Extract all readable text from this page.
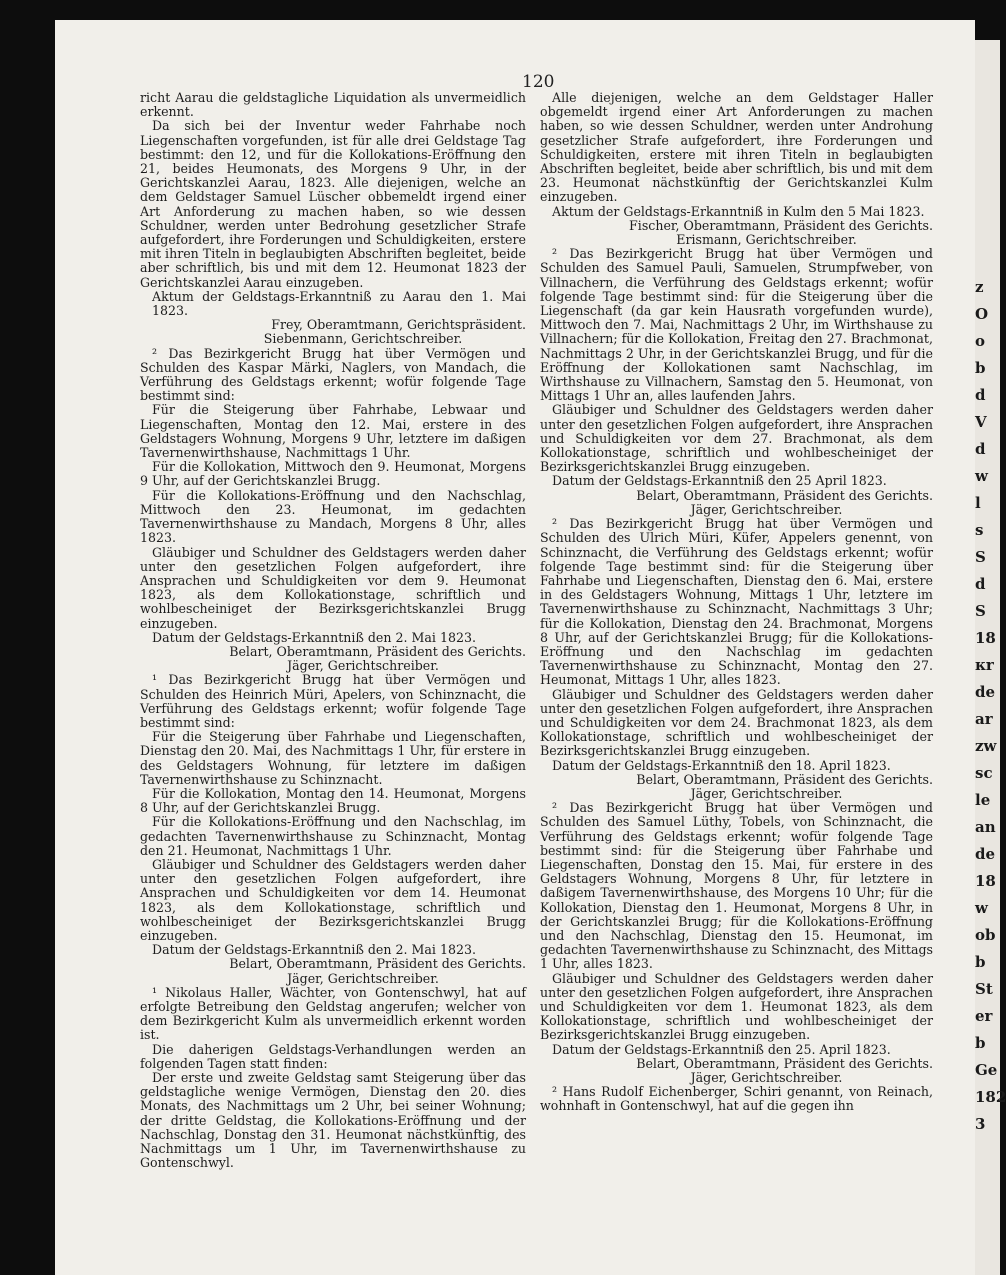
z
O
o
b
d
V
d
w
l
s
S
d
S
18
ᴋr
de
ar
zw
sc
le
an
de
18
w
ob
b
St
er
b
Ge
182
3
120

richt Aarau die geldstagliche Liquidation als unvermeidlich erkennt.

Da sich bei der Inventur weder Fahrhabe noch Liegenschaften vorgefunden, ist für alle drei Geldstage Tag bestimmt: den 12, und für die Kollokations-Eröffnung den 21, beides Heumonats, des Morgens 9 Uhr, in der Gerichtskanzlei Aarau, 1823. Alle diejenigen, welche an dem Geldstager Samuel Lüscher obbemeldt irgend einer Art Anforderung zu machen haben, so wie dessen Schuldner, werden unter Bedrohung gesetzlicher Strafe aufgefordert, ihre Forderungen und Schuldigkeiten, erstere mit ihren Titeln in beglaubigten Abschriften begleitet, beide aber schriftlich, bis und mit dem 12. Heumonat 1823 der Gerichtskanzlei Aarau einzugeben.

Aktum der Geldstags-Erkanntniß zu Aarau den 1. Mai 1823.

Frey, Oberamtmann, Gerichtspräsident.

Siebenmann, Gerichtschreiber.

² Das Bezirkgericht Brugg hat über Vermögen und Schulden des Kaspar Märki, Naglers, von Mandach, die Verführung des Geldstags erkennt; wofür folgende Tage bestimmt sind:

Für die Steigerung über Fahrhabe, Lebwaar und Liegenschaften, Montag den 12. Mai, erstere in des Geldstagers Wohnung, Morgens 9 Uhr, letztere im daßigen Tavernenwirthshause, Nachmittags 1 Uhr.

Für die Kollokation, Mittwoch den 9. Heumonat, Morgens 9 Uhr, auf der Gerichtskanzlei Brugg.

Für die Kollokations-Eröffnung und den Nachschlag, Mittwoch den 23. Heumonat, im gedachten Tavernenwirthshause zu Mandach, Morgens 8 Uhr, alles 1823.

Gläubiger und Schuldner des Geldstagers werden daher unter den gesetzlichen Folgen aufgefordert, ihre Ansprachen und Schuldigkeiten vor dem 9. Heumonat 1823, als dem Kollokationstage, schriftlich und wohlbescheiniget der Bezirksgerichtskanzlei Brugg einzugeben.

Datum der Geldstags-Erkanntniß den 2. Mai 1823.

Belart, Oberamtmann, Präsident des Gerichts.

Jäger, Gerichtschreiber.

¹ Das Bezirkgericht Brugg hat über Vermögen und Schulden des Heinrich Müri, Apelers, von Schinznacht, die Verführung des Geldstags erkennt; wofür folgende Tage bestimmt sind:

Für die Steigerung über Fahrhabe und Liegenschaften, Dienstag den 20. Mai, des Nachmittags 1 Uhr, für erstere in des Geldstagers Wohnung, für letztere im daßigen Tavernenwirthshause zu Schinznacht.

Für die Kollokation, Montag den 14. Heumonat, Morgens 8 Uhr, auf der Gerichtskanzlei Brugg.

Für die Kollokations-Eröffnung und den Nachschlag, im gedachten Tavernenwirthshause zu Schinznacht, Montag den 21. Heumonat, Nachmittags 1 Uhr.

Gläubiger und Schuldner des Geldstagers werden daher unter den gesetzlichen Folgen aufgefordert, ihre Ansprachen und Schuldigkeiten vor dem 14. Heumonat 1823, als dem Kollokationstage, schriftlich und wohlbescheiniget der Bezirksgerichtskanzlei Brugg einzugeben.

Datum der Geldstags-Erkanntniß den 2. Mai 1823.

Belart, Oberamtmann, Präsident des Gerichts.

Jäger, Gerichtschreiber.

¹ Nikolaus Haller, Wächter, von Gontenschwyl, hat auf erfolgte Betreibung den Geldstag angerufen; welcher von dem Bezirkgericht Kulm als unvermeidlich erkennt worden ist.

Die daherigen Geldstags-Verhandlungen werden an folgenden Tagen statt finden:

Der erste und zweite Geldstag samt Steigerung über das geldstagliche wenige Vermögen, Dienstag den 20. dies Monats, des Nachmittags um 2 Uhr, bei seiner Wohnung; der dritte Geldstag, die Kollokations-Eröffnung und der Nachschlag, Donstag den 31. Heumonat nächstkünftig, des Nachmittags um 1 Uhr, im Tavernenwirthshause zu Gontenschwyl.

Alle diejenigen, welche an dem Geldstager Haller obgemeldt irgend einer Art Anforderungen zu machen haben, so wie dessen Schuldner, werden unter Androhung gesetzlicher Strafe aufgefordert, ihre Forderungen und Schuldigkeiten, erstere mit ihren Titeln in beglaubigten Abschriften begleitet, beide aber schriftlich, bis und mit dem 23. Heumonat nächstkünftig der Gerichtskanzlei Kulm einzugeben.

Aktum der Geldstags-Erkanntniß in Kulm den 5 Mai 1823.

Fischer, Oberamtmann, Präsident des Gerichts.

Erismann, Gerichtschreiber.

² Das Bezirkgericht Brugg hat über Vermögen und Schulden des Samuel Pauli, Samuelen, Strumpfweber, von Villnachern, die Verführung des Geldstags erkennt; wofür folgende Tage bestimmt sind: für die Steigerung über die Liegenschaft (da gar kein Hausrath vorgefunden wurde), Mittwoch den 7. Mai, Nachmittags 2 Uhr, im Wirthshause zu Villnachern; für die Kollokation, Freitag den 27. Brachmonat, Nachmittags 2 Uhr, in der Gerichtskanzlei Brugg, und für die Eröffnung der Kollokationen samt Nachschlag, im Wirthshause zu Villnachern, Samstag den 5. Heumonat, von Mittags 1 Uhr an, alles laufenden Jahrs.

Gläubiger und Schuldner des Geldstagers werden daher unter den gesetzlichen Folgen aufgefordert, ihre Ansprachen und Schuldigkeiten vor dem 27. Brachmonat, als dem Kollokationstage, schriftlich und wohlbescheiniget der Bezirksgerichtskanzlei Brugg einzugeben.

Datum der Geldstags-Erkanntniß den 25 April 1823.

Belart, Oberamtmann, Präsident des Gerichts.

Jäger, Gerichtschreiber.

² Das Bezirkgericht Brugg hat über Vermögen und Schulden des Ulrich Müri, Küfer, Appelers genennt, von Schinznacht, die Verführung des Geldstags erkennt; wofür folgende Tage bestimmt sind: für die Steigerung über Fahrhabe und Liegenschaften, Dienstag den 6. Mai, erstere in des Geldstagers Wohnung, Mittags 1 Uhr, letztere im Tavernenwirthshause zu Schinznacht, Nachmittags 3 Uhr; für die Kollokation, Dienstag den 24. Brachmonat, Morgens 8 Uhr, auf der Gerichtskanzlei Brugg; für die Kollokations-Eröffnung und den Nachschlag im gedachten Tavernenwirthshause zu Schinznacht, Montag den 27. Heumonat, Mittags 1 Uhr, alles 1823.

Gläubiger und Schuldner des Geldstagers werden daher unter den gesetzlichen Folgen aufgefordert, ihre Ansprachen und Schuldigkeiten vor dem 24. Brachmonat 1823, als dem Kollokationstage, schriftlich und wohlbescheiniget der Bezirksgerichtskanzlei Brugg einzugeben.

Datum der Geldstags-Erkanntniß den 18. April 1823.

Belart, Oberamtmann, Präsident des Gerichts.

Jäger, Gerichtschreiber.

² Das Bezirkgericht Brugg hat über Vermögen und Schulden des Samuel Lüthy, Tobels, von Schinznacht, die Verführung des Geldstags erkennt; wofür folgende Tage bestimmt sind: für die Steigerung über Fahrhabe und Liegenschaften, Donstag den 15. Mai, für erstere in des Geldstagers Wohnung, Morgens 8 Uhr, für letztere in daßigem Tavernenwirthshause, des Morgens 10 Uhr; für die Kollokation, Dienstag den 1. Heumonat, Morgens 8 Uhr, in der Gerichtskanzlei Brugg; für die Kollokations-Eröffnung und den Nachschlag, Dienstag den 15. Heumonat, im gedachten Tavernenwirthshause zu Schinznacht, des Mittags 1 Uhr, alles 1823.

Gläubiger und Schuldner des Geldstagers werden daher unter den gesetzlichen Folgen aufgefordert, ihre Ansprachen und Schuldigkeiten vor dem 1. Heumonat 1823, als dem Kollokationstage, schriftlich und wohlbescheiniget der Bezirksgerichtskanzlei Brugg einzugeben.

Datum der Geldstags-Erkanntniß den 25. April 1823.

Belart, Oberamtmann, Präsident des Gerichts.

Jäger, Gerichtschreiber.

² Hans Rudolf Eichenberger, Schiri genannt, von Reinach, wohnhaft in Gontenschwyl, hat auf die gegen ihn
